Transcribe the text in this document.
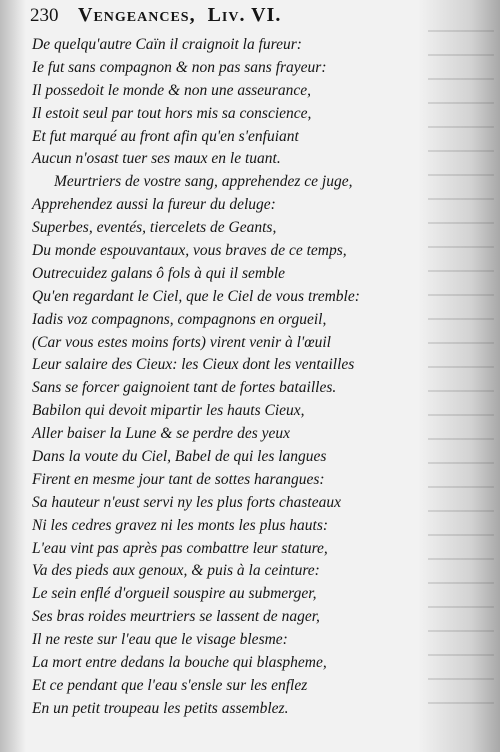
230 Vengeances, Liv. VI.
De quelqu'autre Caïn il craignoit la fureur:
Ie fut sans compagnon & non pas sans frayeur:
Il possedoit le monde & non une asseurance,
Il estoit seul par tout hors mis sa conscience,
Et fut marqué au front afin qu'en s'enfuiant
Aucun n'osast tuer ses maux en le tuant.
Meurtriers de vostre sang, apprehendez ce juge,
Apprehendez aussi la fureur du deluge:
Superbes, eventés, tiercelets de Geants,
Du monde espouvantaux, vous braves de ce temps,
Outrecuidez galans ô fols à qui il semble
Qu'en regardant le Ciel, que le Ciel de vous tremble:
Iadis voz compagnons, compagnons en orgueil,
(Car vous estes moins forts) virent venir à l'œuil
Leur salaire des Cieux: les Cieux dont les ventailles
Sans se forcer gaignoient tant de fortes batailles.
Babilon qui devoit mipartir les hauts Cieux,
Aller baiser la Lune & se perdre des yeux
Dans la voute du Ciel, Babel de qui les langues
Firent en mesme jour tant de sottes harangues:
Sa hauteur n'eust servi ny les plus forts chasteaux
Ni les cedres gravez ni les monts les plus hauts:
L'eau vint pas après pas combattre leur stature,
Va des pieds aux genoux, & puis à la ceinture:
Le sein enflé d'orgueil souspire au submerger,
Ses bras roides meurtriers se lassent de nager,
Il ne reste sur l'eau que le visage blesme:
La mort entre dedans la bouche qui blaspheme,
Et ce pendant que l'eau s'ensle sur les enflez
En un petit troupeau les petits assemblez.
